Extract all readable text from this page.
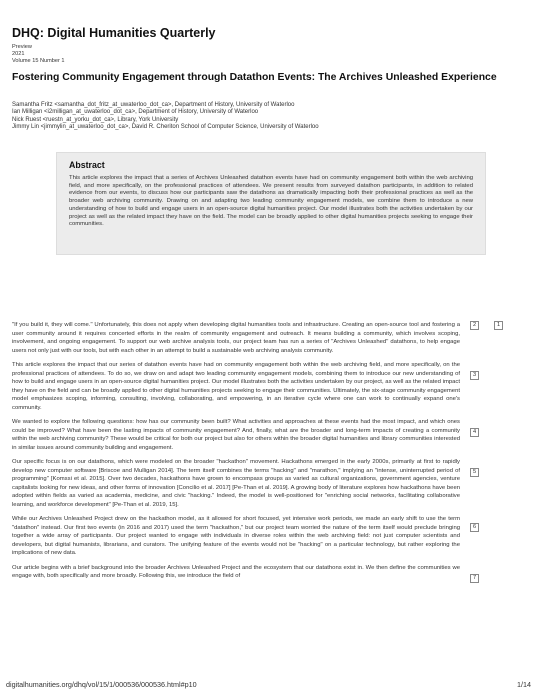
DHQ: Digital Humanities Quarterly
Preview
2021
Volume 15 Number 1
Fostering Community Engagement through Datathon Events: The Archives Unleashed Experience
Samantha Fritz <samantha_dot_fritz_at_uwaterloo_dot_ca>, Department of History, University of Waterloo
Ian Milligan <i2milligan_at_uwaterloo_dot_ca>, Department of History, University of Waterloo
Nick Ruest <ruestn_at_yorku_dot_ca>, Library, York University
Jimmy Lin <jimmylin_at_uwaterloo_dot_ca>, David R. Cheriton School of Computer Science, University of Waterloo
Abstract

This article explores the impact that a series of Archives Unleashed datathon events have had on community engagement both within the web archiving field, and more specifically, on the professional practices of attendees. We present results from surveyed datathon participants, in addition to related evidence from our events, to discuss how our participants saw the datathons as dramatically impacting both their professional practices as well as the broader web archiving community. Drawing on and adapting two leading community engagement models, we combine them to introduce a new understanding of how to build and engage users in an open-source digital humanities project. Our model illustrates both the activities undertaken by our project as well as the related impact they have on the field. The model can be broadly applied to other digital humanities projects seeking to engage their communities.

"If you build it, they will come." Unfortunately, this does not apply when developing digital humanities tools and infrastructure. Creating an open-source tool and fostering a user community around it requires concerted efforts in the realm of community engagement and outreach. It means building a community, which involves scoping, involvement, and ongoing engagement. To support our web archive analysis tools, our project team has run a series of "Archives Unleashed" datathons, to help engage users not only just with our tools, but with each other in an attempt to build a sustainable web archiving analysis community.
2	1
This article explores the impact that our series of datathon events have had on community engagement both within the web archiving field, and more specifically, on the professional practices of attendees. To do so, we draw on and adapt two leading community engagement models, combining them to introduce our new understanding of how to build and engage users in an open-source digital humanities project. Our model illustrates both the activities undertaken by our project, as well as the related impact they have on the field and can be broadly applied to other digital humanities projects seeking to engage their communities. Ultimately, the six-stage community engagement model emphasizes scoping, informing, consulting, involving, collaborating, and empowering, in an iterative cycle where one can work to continually expand one's community.
3
We wanted to explore the following questions: how has our community been built? What activities and approaches at these events had the most impact, and which ones could be improved? What have been the lasting impacts of community engagement? And, finally, what are the broader and long-term impacts of creating a community within the web archiving community? These would be critical for both our project but also for others within the broader digital humanities and library communities interested in similar issues around community building and engagement.
4
Our specific focus is on our datathons, which were modeled on the broader "hackathon" movement. Hackathons emerged in the early 2000s, primarily at first to rapidly develop new computer software [Briscoe and Mulligan 2014]. The term itself combines the terms "hacking" and "marathon," implying an "intense, uninterrupted period of programming" [Komssi et al. 2015]. Over two decades, hackathons have grown to encompass groups as varied as cultural organizations, government agencies, venture capitalists looking for new ideas, and other forms of innovation [Concilio et al. 2017] [Pe-Than et al. 2019]. A growing body of literature explores how hackathons have been adopted within fields as varied as academia, medicine, and civic "hacking." Indeed, the model is well-positioned for "enriching social networks, facilitating collaborative learning, and workforce development" [Pe-Than et al. 2019, 15].
5
While our Archives Unleashed Project drew on the hackathon model, as it allowed for short focused, yet intensive work periods, we made an early shift to use the term "datathon" instead. Our first two events (in 2016 and 2017) used the term "hackathon," but our project team worried the nature of the term itself would preclude bringing together a wide array of participants. Our project wanted to engage with individuals in diverse roles within the web archiving field: not just computer scientists and developers, but digital humanists, librarians, and curators. The unifying feature of the events would not be "hacking" on a particular technology, but rather exploring the implications of new data.
6
Our article begins with a brief background into the broader Archives Unleashed Project and the ecosystem that our datathons exist in. We then define the communities we engage with, both specifically and more broadly. Following this, we introduce the field of	7
digitalhumanities.org/dhq/vol/15/1/000536/000536.html#p10	1/14
